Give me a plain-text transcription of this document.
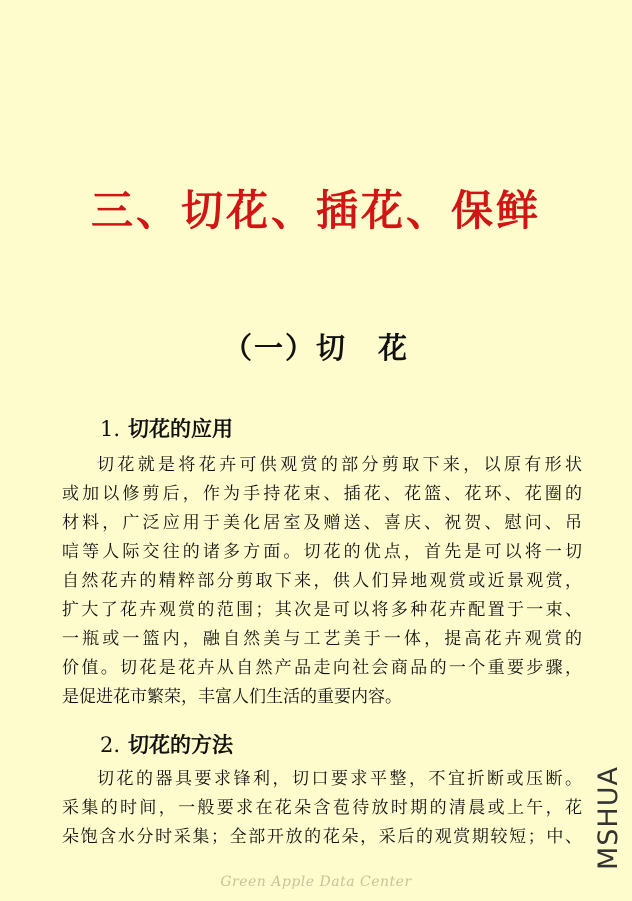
三、切花、插花、保鲜
（一）切　花
1. 切花的应用
切花就是将花卉可供观赏的部分剪取下来，以原有形状
或加以修剪后，作为手持花束、插花、花篮、花环、花圈的
材料，广泛应用于美化居室及赠送、喜庆、祝贺、慰问、吊
唁等人际交往的诸多方面。切花的优点，首先是可以将一切
自然花卉的精粹部分剪取下来，供人们异地观赏或近景观赏，
扩大了花卉观赏的范围；其次是可以将多种花卉配置于一束、
一瓶或一篮内，融自然美与工艺美于一体，提高花卉观赏的
价值。切花是花卉从自然产品走向社会商品的一个重要步骤，
是促进花市繁荣，丰富人们生活的重要内容。
2. 切花的方法
切花的器具要求锋利，切口要求平整，不宜折断或压断。
采集的时间，一般要求在花朵含苞待放时期的清晨或上午，花
朵饱含水分时采集；全部开放的花朵，采后的观赏期较短；中、 MSHUA
Green Apple Data Center
